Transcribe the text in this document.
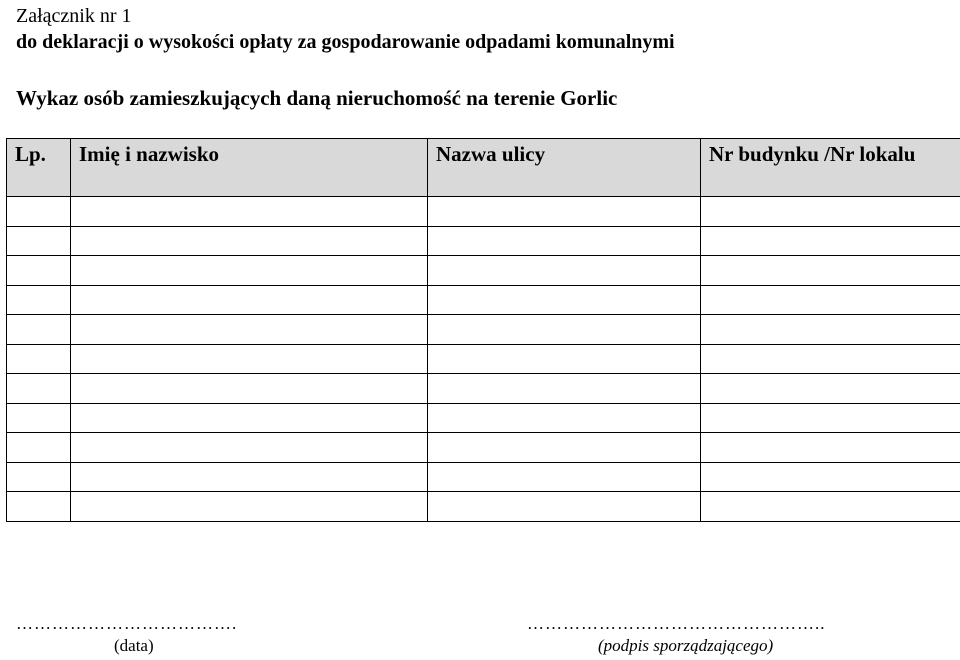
Załącznik nr 1
do deklaracji o wysokości opłaty za gospodarowanie odpadami komunalnymi
Wykaz osób zamieszkujących daną nieruchomość na terenie Gorlic
Lp.	Imię i nazwisko	Nazwa ulicy	Nr budynku /Nr lokalu

……………………………….
(data)
…………………………………………..
(podpis sporządzającego)
